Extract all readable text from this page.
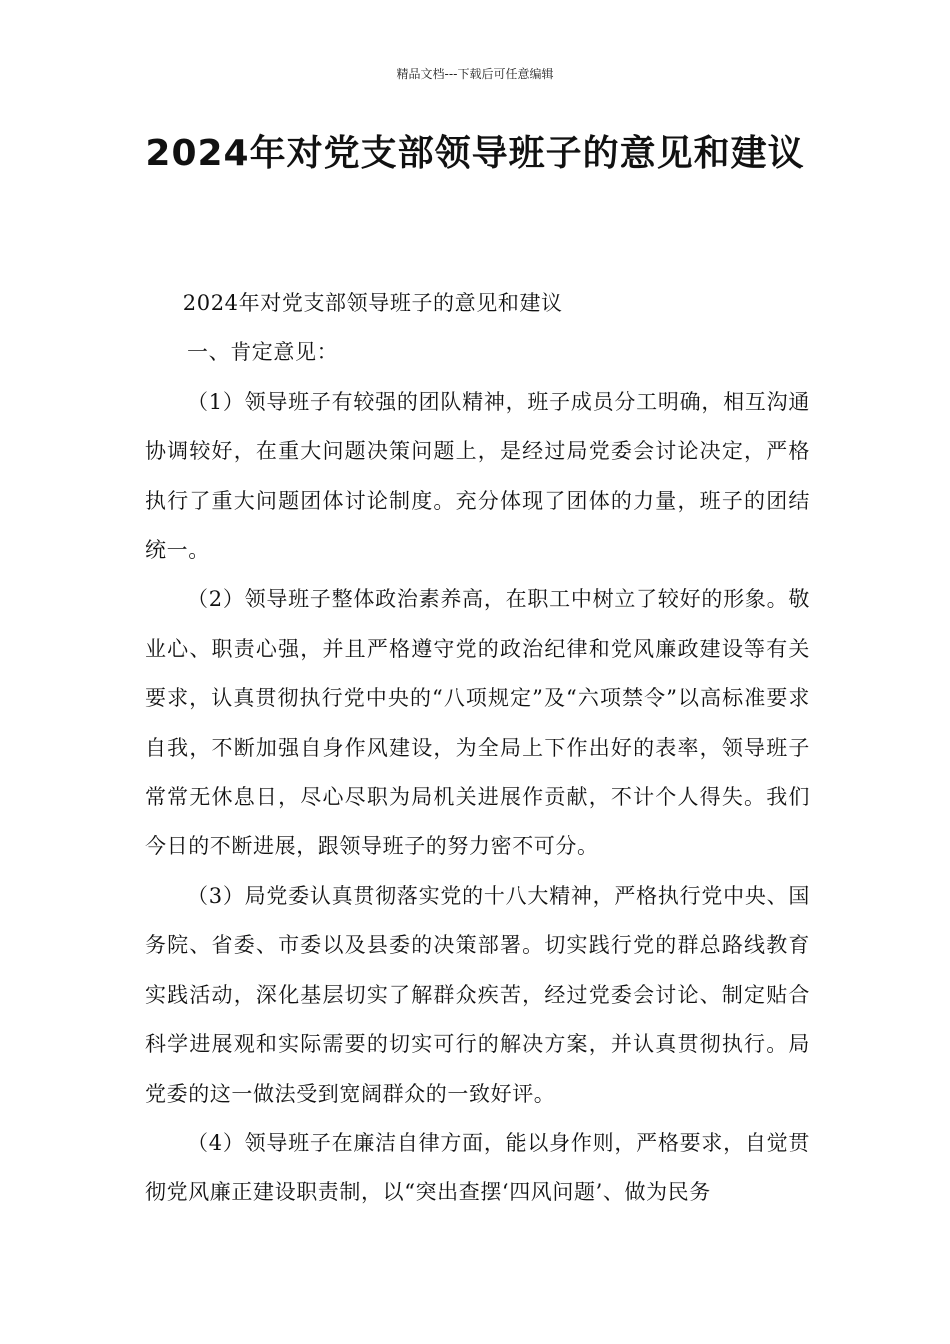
精品文档---下载后可任意编辑
2024年对党支部领导班子的意见和建议

2024年对党支部领导班子的意见和建议

一、肯定意见：

（1）领导班子有较强的团队精神，班子成员分工明确，相互沟通协调较好，在重大问题决策问题上，是经过局党委会讨论决定，严格执行了重大问题团体讨论制度。充分体现了团体的力量，班子的团结统一。

（2）领导班子整体政治素养高，在职工中树立了较好的形象。敬业心、职责心强，并且严格遵守党的政治纪律和党风廉政建设等有关要求，认真贯彻执行党中央的“八项规定”及“六项禁令”以高标准要求自我，不断加强自身作风建设，为全局上下作出好的表率，领导班子常常无休息日，尽心尽职为局机关进展作贡献，不计个人得失。我们今日的不断进展，跟领导班子的努力密不可分。

（3）局党委认真贯彻落实党的十八大精神，严格执行党中央、国务院、省委、市委以及县委的决策部署。切实践行党的群总路线教育实践活动，深化基层切实了解群众疾苦，经过党委会讨论、制定贴合科学进展观和实际需要的切实可行的解决方案，并认真贯彻执行。局党委的这一做法受到宽阔群众的一致好评。

（4）领导班子在廉洁自律方面，能以身作则，严格要求，自觉贯彻党风廉正建设职责制，以“突出查摆‘四风问题’、做为民务
